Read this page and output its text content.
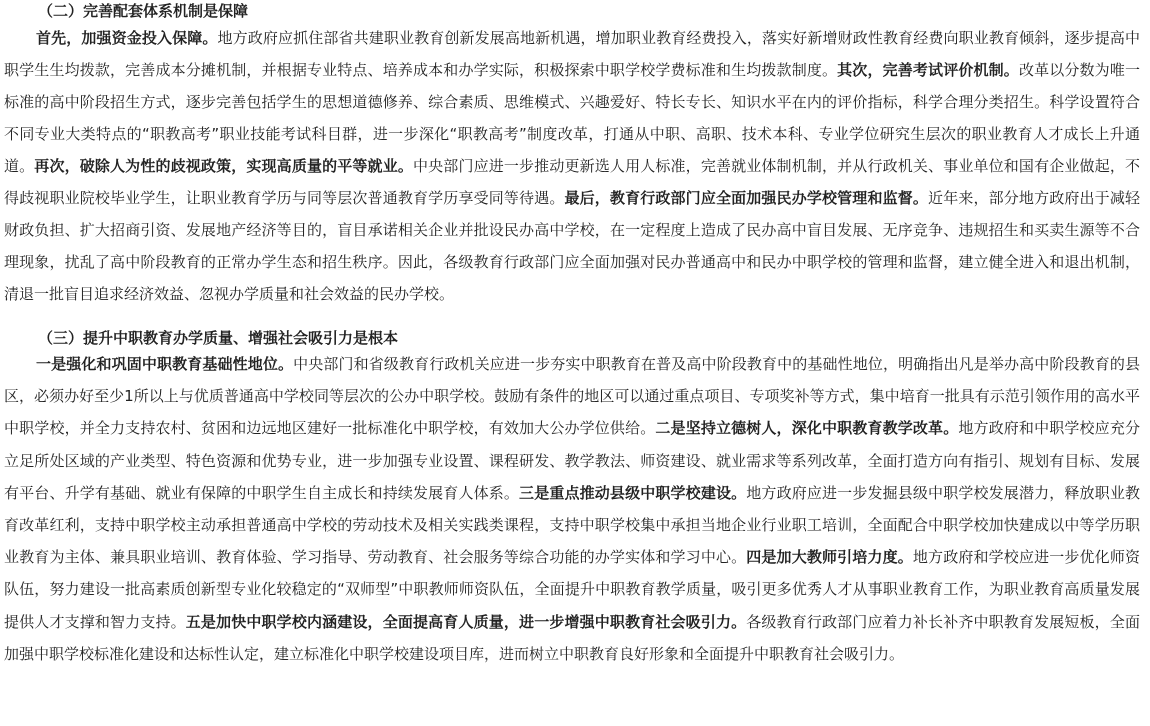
（二）完善配套体系机制是保障

首先，加强资金投入保障。地方政府应抓住部省共建职业教育创新发展高地新机遇，增加职业教育经费投入，落实好新增财政性教育经费向职业教育倾斜，逐步提高中职学生生均拨款，完善成本分摊机制，并根据专业特点、培养成本和办学实际，积极探索中职学校学费标准和生均拨款制度。其次，完善考试评价机制。改革以分数为唯一标准的高中阶段招生方式，逐步完善包括学生的思想道德修养、综合素质、思维模式、兴趣爱好、特长专长、知识水平在内的评价指标，科学合理分类招生。科学设置符合不同专业大类特点的“职教高考”职业技能考试科目群，进一步深化“职教高考”制度改革，打通从中职、高职、技术本科、专业学位研究生层次的职业教育人才成长上升通道。再次，破除人为性的歧视政策，实现高质量的平等就业。中央部门应进一步推动更新选人用人标准，完善就业体制机制，并从行政机关、事业单位和国有企业做起，不得歧视职业院校毕业学生，让职业教育学历与同等层次普通教育学历享受同等待遇。最后，教育行政部门应全面加强民办学校管理和监督。近年来，部分地方政府出于减轻财政负担、扩大招商引资、发展地产经济等目的，盲目承诺相关企业并批设民办高中学校，在一定程度上造成了民办高中盲目发展、无序竞争、违规招生和买卖生源等不合理现象，扰乱了高中阶段教育的正常办学生态和招生秩序。因此，各级教育行政部门应全面加强对民办普通高中和民办中职学校的管理和监督，建立健全进入和退出机制，清退一批盲目追求经济效益、忽视办学质量和社会效益的民办学校。

（三）提升中职教育办学质量、增强社会吸引力是根本

一是强化和巩固中职教育基础性地位。中央部门和省级教育行政机关应进一步夯实中职教育在普及高中阶段教育中的基础性地位，明确指出凡是举办高中阶段教育的县区，必须办好至少1所以上与优质普通高中学校同等层次的公办中职学校。鼓励有条件的地区可以通过重点项目、专项奖补等方式，集中培育一批具有示范引领作用的高水平中职学校，并全力支持农村、贫困和边远地区建好一批标准化中职学校，有效加大公办学位供给。二是坚持立德树人，深化中职教育教学改革。地方政府和中职学校应充分立足所处区域的产业类型、特色资源和优势专业，进一步加强专业设置、课程研发、教学教法、师资建设、就业需求等系列改革，全面打造方向有指引、规划有目标、发展有平台、升学有基础、就业有保障的中职学生自主成长和持续发展育人体系。三是重点推动县级中职学校建设。地方政府应进一步发掘县级中职学校发展潜力，释放职业教育改革红利，支持中职学校主动承担普通高中学校的劳动技术及相关实践类课程，支持中职学校集中承担当地企业行业职工培训，全面配合中职学校加快建成以中等学历职业教育为主体、兼具职业培训、教育体验、学习指导、劳动教育、社会服务等综合功能的办学实体和学习中心。四是加大教师引培力度。地方政府和学校应进一步优化师资队伍，努力建设一批高素质创新型专业化较稳定的“双师型”中职教师师资队伍，全面提升中职教育教学质量，吸引更多优秀人才从事职业教育工作，为职业教育高质量发展提供人才支撑和智力支持。五是加快中职学校内涵建设，全面提高育人质量，进一步增强中职教育社会吸引力。各级教育行政部门应着力补长补齐中职教育发展短板，全面加强中职学校标准化建设和达标性认定，建立标准化中职学校建设项目库，进而树立中职教育良好形象和全面提升中职教育社会吸引力。
